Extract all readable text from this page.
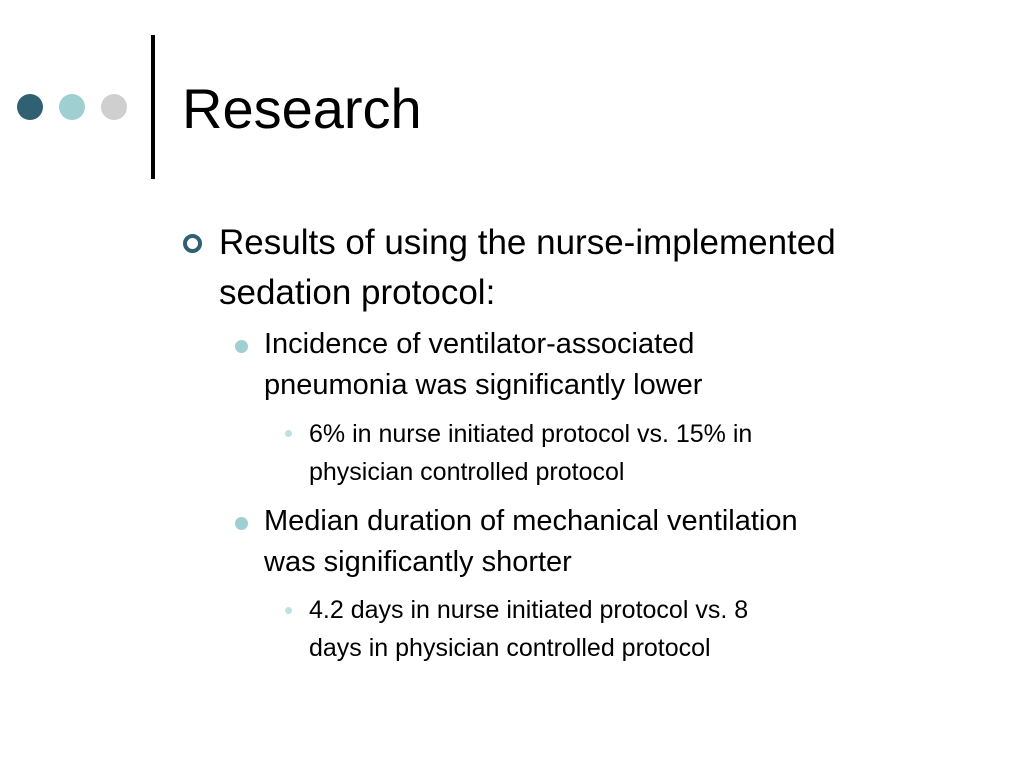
Research

Results of using the nurse-implemented
sedation protocol:

Incidence of ventilator-associated
pneumonia was significantly lower

6% in nurse initiated protocol vs. 15% in
physician controlled protocol

Median duration of mechanical ventilation
was significantly shorter

4.2 days in nurse initiated protocol vs. 8
days in physician controlled protocol
